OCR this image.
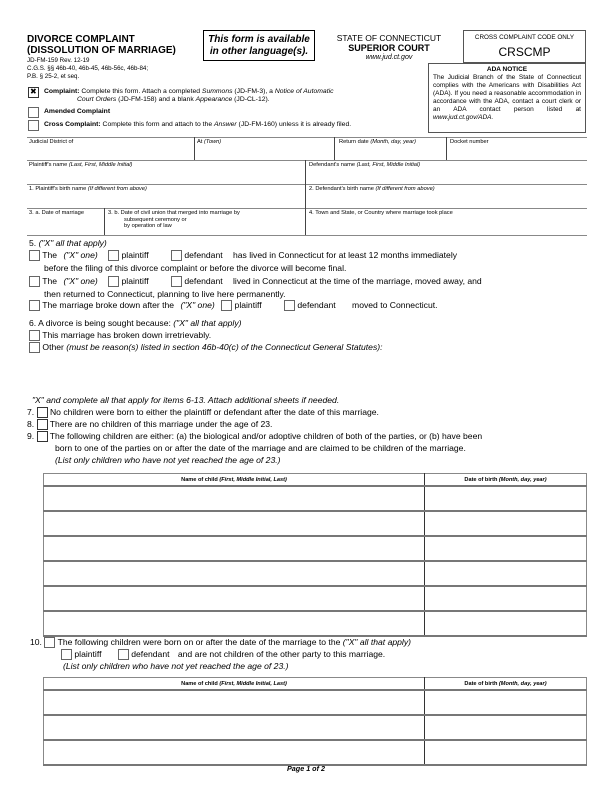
DIVORCE COMPLAINT
(DISSOLUTION OF MARRIAGE)
JD-FM-159 Rev. 12-19
C.G.S. §§ 46b-40, 46b-45, 46b-56c, 46b-84;
P.B. § 25-2, et seq.
This form is available
in other language(s).
STATE OF CONNECTICUT
SUPERIOR COURT
www.jud.ct.gov
CROSS COMPLAINT CODE ONLY
CRSCMP
ADA NOTICE
The Judicial Branch of the State of Connecticut complies with the Americans with Disabilities Act (ADA). If you need a reasonable accommodation in accordance with the ADA, contact a court clerk or an ADA contact person listed at www.jud.ct.gov/ADA.
✖
Complaint: Complete this form. Attach a completed Summons (JD-FM-3), a Notice of Automatic
Court Orders (JD-FM-158) and a blank Appearance (JD-CL-12).
Amended Complaint
Cross Complaint: Complete this form and attach to the Answer (JD-FM-160) unless it is already filed.
Judicial District of	At (Town)	Return date (Month, day, year)	Docket number
Plaintiff's name (Last, First, Middle Initial)	Defendant's name (Last, First, Middle Initial)
1. Plaintiff's birth name (If different from above)	2. Defendant's birth name (If different from above)
3. a. Date of marriage	3. b. Date of civil union that merged into marriage by
subsequent ceremony or
by operation of law
4. Town and State, or Country where marriage took place
5. ("X" all that apply)
The ("X" one)	plaintiff	defendant has lived in Connecticut for at least 12 months immediately
before the filing of this divorce complaint or before the divorce will become final.
The ("X" one)	plaintiff	defendant lived in Connecticut at the time of the marriage, moved away, and
then returned to Connecticut, planning to live here permanently.
The marriage broke down after the ("X" one) plaintiff	defendant moved to Connecticut.
6. A divorce is being sought because: ("X" all that apply)
This marriage has broken down irretrievably.
Other (must be reason(s) listed in section 46b-40(c) of the Connecticut General Statutes):
"X" and complete all that apply for items 6-13. Attach additional sheets if needed.
7. No children were born to either the plaintiff or defendant after the date of this marriage.
8. There are no children of this marriage under the age of 23.
9. The following children are either: (a) the biological and/or adoptive children of both of the parties, or (b) have been
born to one of the parties on or after the date of the marriage and are claimed to be children of the marriage.
(List only children who have not yet reached the age of 23.)
Name of child (First, Middle Initial, Last)	Date of birth (Month, day, year)

10. The following children were born on or after the date of the marriage to the ("X" all that apply)
plaintiff	defendant and are not children of the other party to this marriage.
(List only children who have not yet reached the age of 23.)
Name of child (First, Middle Initial, Last)	Date of birth (Month, day, year)

Page 1 of 2
